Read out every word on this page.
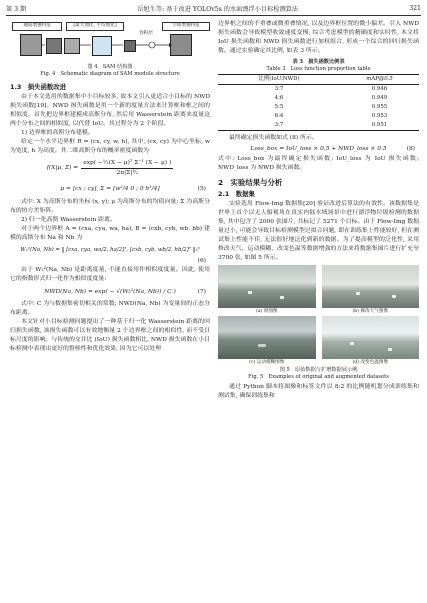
第 3 期	岳旭生等: 基于改进 YOLOv5s 的水面漂浮小目标检测算法	321
通道增强特征	[最大池化, 平均池化]
卷积层
空间增强特征

图 4　SAM 结构图

Fig. 4　Schematic diagram of SAM module structure

1.3　损失函数改进

由于本文选用的数据集中小目标较多, 故本文引入更适合小目标的 NWD 损失函数[19]。NWD 损失函数是用一个新的度量方法来计算框和框之间的相似度。首先把边界框建模成高斯分布, 然后用 Wasserstein 距离来度量这两个分布之间的相似度, 以代替 IoU。其过程分为 2 个阶段。

1) 边界框的高斯分布建模。

给定一个水平边界框 R = (cx, cy, w, h), 其中, (cx, cy) 为中心坐标, w 为宽度, h 为高度。其二维高斯分布的概率密度函数为

f(X|μ, $\Sigma) = \frac{\text{exp( −½(X − μ)ᵀ Σ⁻¹ (X − μ) )}}{\text{2π|Σ|½}}$
μ = [cx ; cy], Σ = [w²/4 0 ; 0 h²/4]	(5)

式中: X 为高斯分布的坐标 (x, y); μ 为高斯分布的均值向量; Σ 为高斯分布的协方差矩阵。

2) 归一化高斯 Wasserstein 距离。

对于两个边界框 A = (cxa, cya, wa, ha), B = (cxb, cyb, wb, hb) 建模的高斯分布 Na 和 Nb 为

W₂²(Na, Nb) = ‖ [cxa, cya, wa/2, ha/2]ᵀ, [cxb, cyb, wb/2, hb/2]ᵀ ‖₂²
(6)

由于 W₂²(Na, Nb) 是距离度量, 不能直接用作相似度度量。因此, 使用它的指数形式归一化作为相似度度量:

NWD(Na, Nb) = exp( − √(W₂²(Na, Nb)) / C )	(7)

式中: C 为与数据集密切相关的常数; NWD(Na, Nb) 为变量间的正态分布距离。

本文针对小目标检测问题提出了一种基于归一化 Wasserstein 距离的回归损失函数, 该损失函数可以有效地衡量 2 个边界框之间的相似性, 而不受目标尺度的影响。与传统的交并比 (IoU) 损失函数相比, NWD 损失函数在小目标检测中表现出更好的鲁棒性和优化效果, 因为它可以处理

边界框之间的不重叠或微重叠情况, 以及边界框位置的微小偏差。引入 NWD 损失函数会导致模型收敛速度变慢, 综合考虑模型的精确度和实时性, 本文将 IoU 损失函数和 NWD 损失函数进行加权组合, 形成一个综合的回归损失函数。通过实验确定其比例, 如表 3 所示。

表 3　损失函数比例表

Table 3　Loss function proportion table

比例(IoU:NWD)	mAP@0.5
3:7	0.946
4:6	0.949
5:5	0.955
6:4	0.953
3:7	0.951

最终确定损失函数如式 (8) 所示。

Loss_box = IoU_loss × 0.5 + NWD_loss × 0.5	(8)

式中: Loss_box 为最终确定损失函数; IoU_loss 为 IoU 损失函数; NWD_loss 为 NWD 损失函数。

2　实验结果与分析

2.1　数据集

实验选用 Flow-Img 数据集[20] 验证改进后算法的有效性。该数据集是世界上首个以无人船视角在真实内陆水域场景中进行漂浮物垃圾检测的数据集, 其中包含了 2000 张图片, 共标记了 5271 个目标。由于 Flow-Img 数据量过小, 可能会导致目标检测模型过拟合问题, 即在训练集上性能较好, 但在测试集上性能不佳, 无法很好地泛化到新的数据。为了提高模型的泛化性, 采用修改天气、运动模糊、改变色温等数据增强的方法来将数据集图片进行扩充至 3700 张, 如图 5 所示。

(a) 原图像	(b) 修改天气图像
(c) 运动模糊图像	(d) 改变色温图像

图 5　原始数据与扩增数据展示例

Fig. 5　Examples of original and augmented datasets

通过 Python 脚本将图像和标签文件以 8:2 的比例随机划分成训练集和测试集, 确保训练集和
